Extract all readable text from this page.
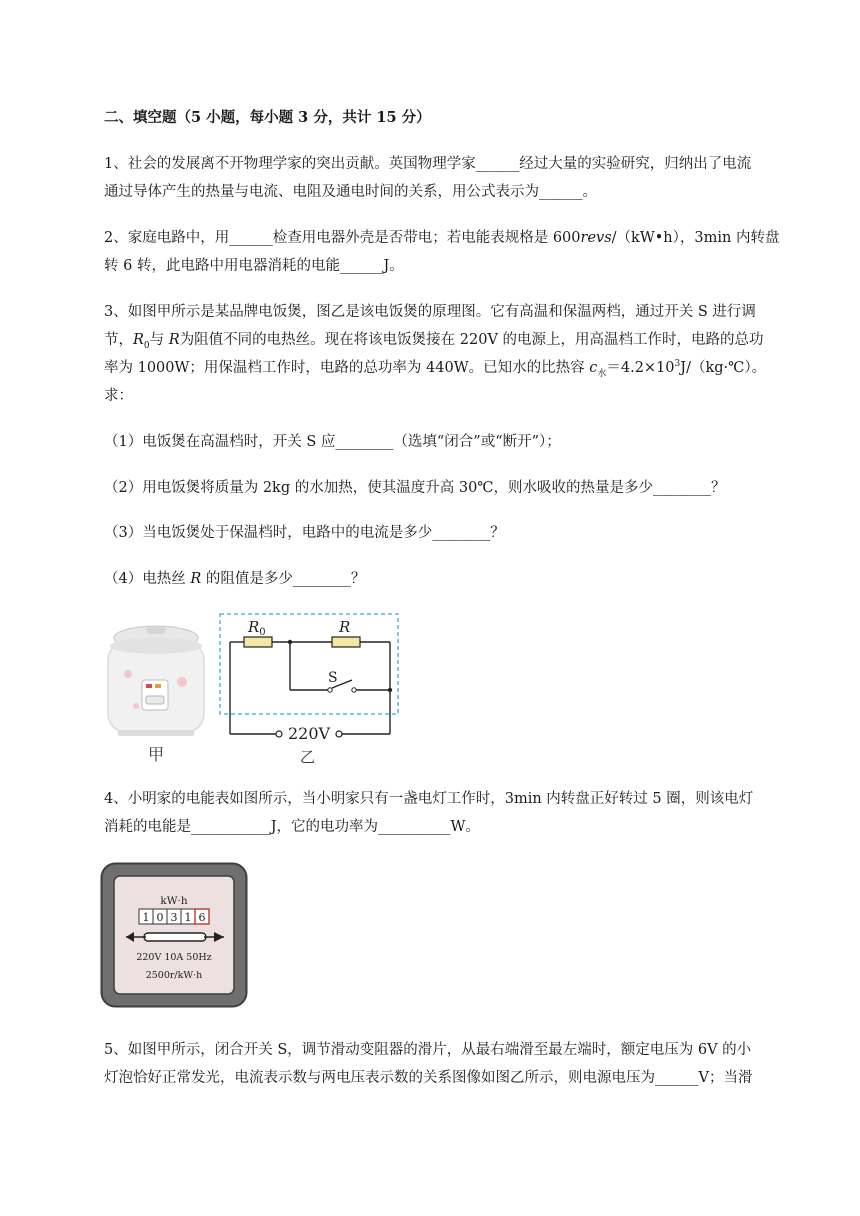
二、填空题（5 小题，每小题 3 分，共计 15 分）
1、社会的发展离不开物理学家的突出贡献。英国物理学家______经过大量的实验研究，归纳出了电流
通过导体产生的热量与电流、电阻及通电时间的关系，用公式表示为______。
2、家庭电路中，用______检查用电器外壳是否带电；若电能表规格是 600revs/（kW•h），3min 内转盘
转 6 转，此电路中用电器消耗的电能______J。
3、如图甲所示是某品牌电饭煲，图乙是该电饭煲的原理图。它有高温和保温两档，通过开关 S 进行调
节，$R_0$与 R为阻值不同的电热丝。现在将该电饭煲接在 220V 的电源上，用高温档工作时，电路的总功
率为 1000W；用保温档工作时，电路的总功率为 440W。已知水的比热容 $c_水=4.2\times 10^3J/(kg\cdot℃)$。
求：
（1）电饭煲在高温档时，开关 S 应________（选填“闭合”或“断开”）；
（2）用电饭煲将质量为 2kg 的水加热，使其温度升高 30℃，则水吸收的热量是多少________？
（3）当电饭煲处于保温档时，电路中的电流是多少________？
（4）电热丝 R 的阻值是多少________？
甲
$R_0$	R
S
220V
乙
4、小明家的电能表如图所示，当小明家只有一盏电灯工作时，3min 内转盘正好转过 5 圈，则该电灯
消耗的电能是___________J，它的电功率为__________W。
kW·h
1 0 3 1 6
220V 10A 50Hz
2500r/kW·h
5、如图甲所示，闭合开关 S，调节滑动变阻器的滑片，从最右端滑至最左端时，额定电压为 6V 的小
灯泡恰好正常发光，电流表示数与两电压表示数的关系图像如图乙所示，则电源电压为______V；当滑
